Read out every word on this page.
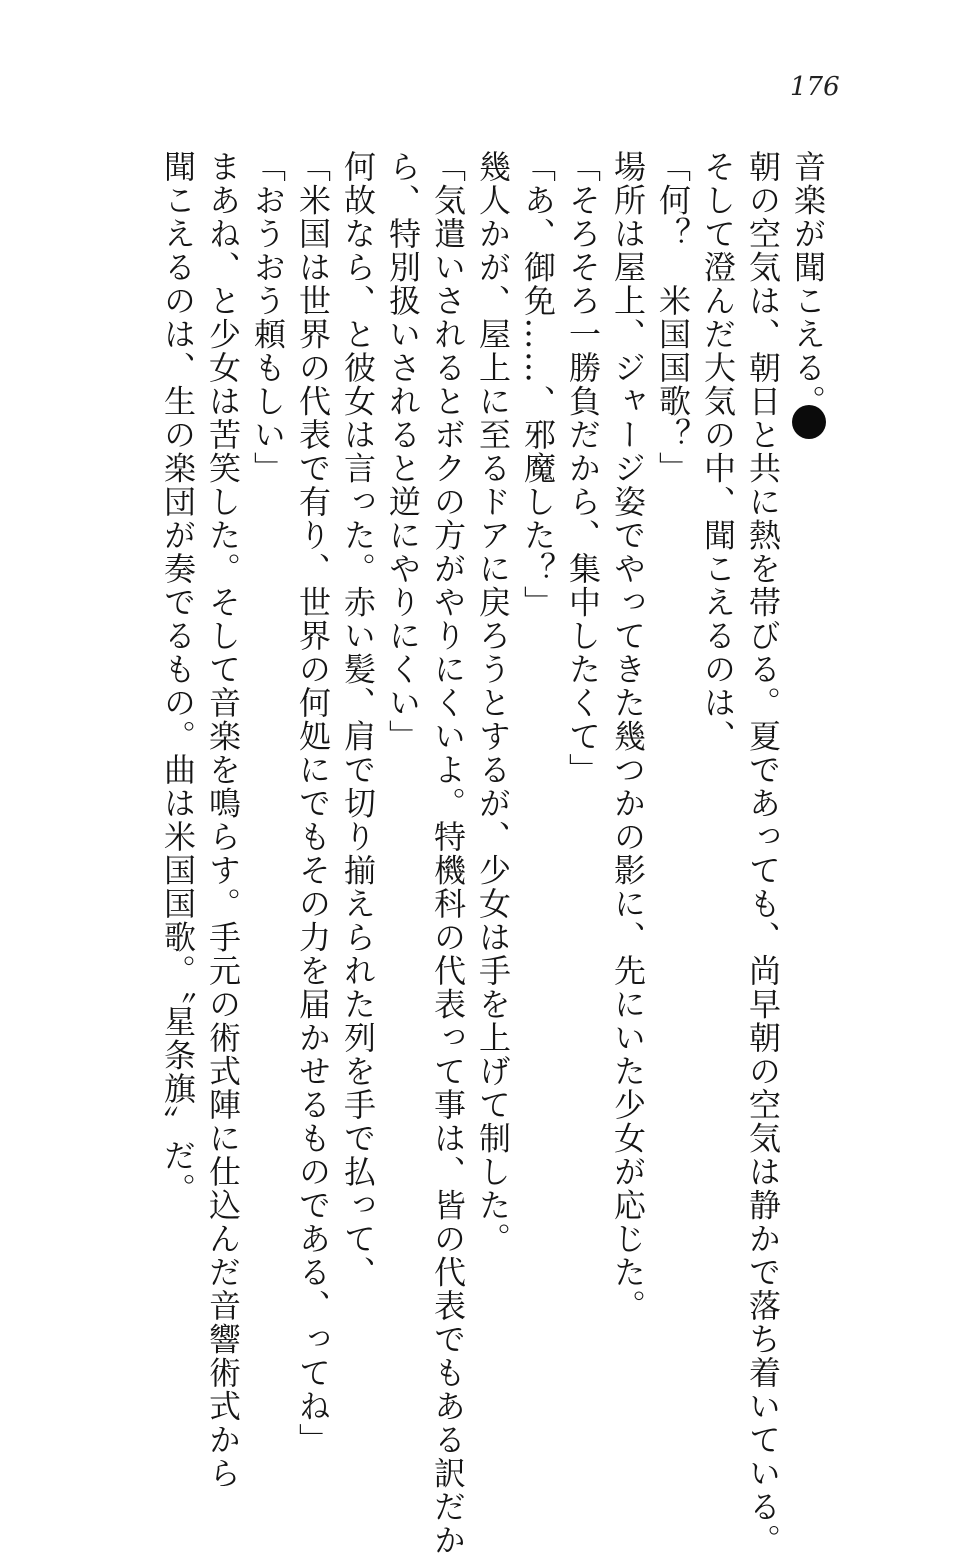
176
音楽が聞こえる。
朝の空気は、朝日と共に熱を帯びる。夏であっても、尚早朝の空気は静かで落ち着いている。
そして澄んだ大気の中、聞こえるのは、
「何？　米国国歌？」
場所は屋上、ジャージ姿でやってきた幾つかの影に、先にいた少女が応じた。
「そろそろ一勝負だから、集中したくて」
「あ、御免……、邪魔した？」
幾人かが、屋上に至るドアに戻ろうとするが、少女は手を上げて制した。
「気遣いされるとボクの方がやりにくいよ。特機科の代表って事は、皆の代表でもある訳だか
ら、特別扱いされると逆にやりにくい」
何故なら、と彼女は言った。赤い髪、肩で切り揃えられた列を手で払って、
「米国は世界の代表で有り、世界の何処にでもその力を届かせるものである、ってね」
「おうおう頼もしい」
まあね、と少女は苦笑した。そして音楽を鳴らす。手元の術式陣に仕込んだ音響術式から
聞こえるのは、生の楽団が奏でるもの。曲は米国国歌。〝星条旗〟だ。
